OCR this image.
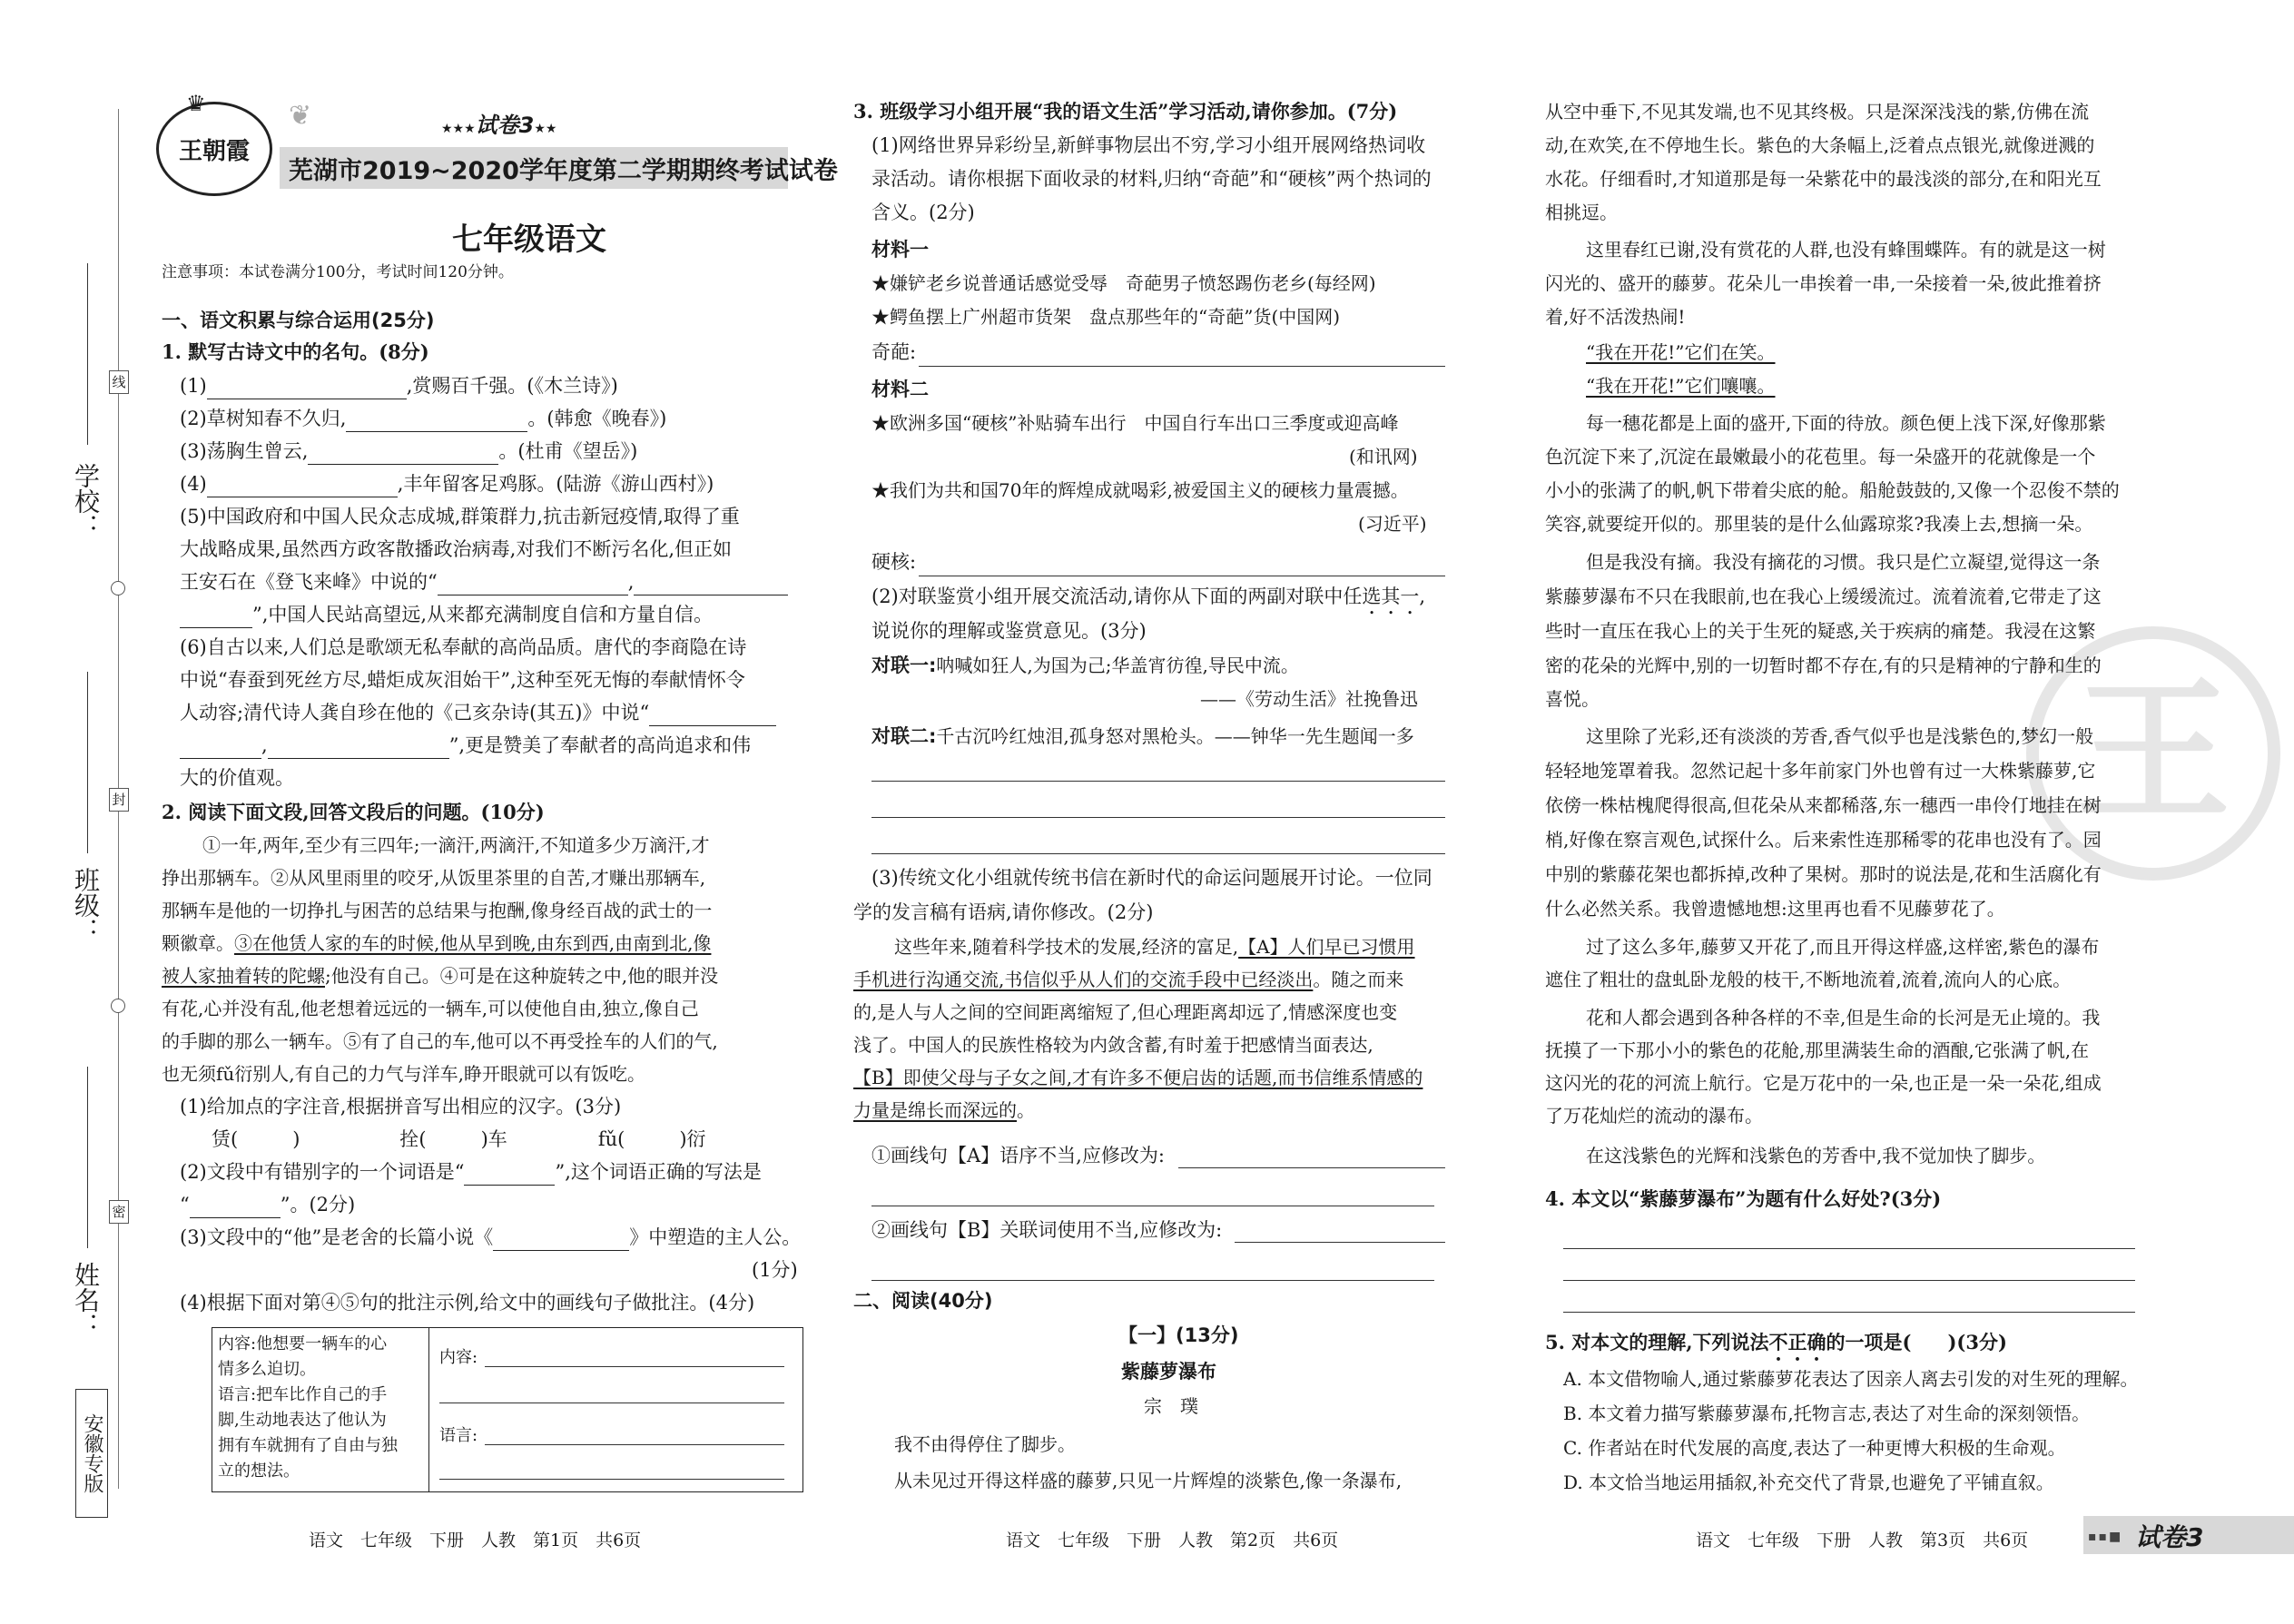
学校：
班级：
姓名：
线
封
密
安徽专版
王朝霞
♛	❦	★★★试卷3★★
芜湖市2019~2020学年度第二学期期终考试试卷
七年级语文
注意事项：本试卷满分100分，考试时间120分钟。
一、语文积累与综合运用(25分)
1. 默写古诗文中的名句。(8分)
(1)	,赏赐百千强。(《木兰诗》)
(2)草树知春不久归,	。(韩愈《晚春》)
(3)荡胸生曾云,	。(杜甫《望岳》)
(4)	,丰年留客足鸡豚。(陆游《游山西村》)
(5)中国政府和中国人民众志成城,群策群力,抗击新冠疫情,取得了重
大战略成果,虽然西方政客散播政治病毒,对我们不断污名化,但正如
王安石在《登飞来峰》中说的“	,
”,中国人民站高望远,从来都充满制度自信和方量自信。
(6)自古以来,人们总是歌颂无私奉献的高尚品质。唐代的李商隐在诗
中说“春蚕到死丝方尽,蜡炬成灰泪始干”,这种至死无悔的奉献情怀令
人动容;清代诗人龚自珍在他的《己亥杂诗(其五)》中说“
,	”,更是赞美了奉献者的高尚追求和伟
大的价值观。
2. 阅读下面文段,回答文段后的问题。(10分)
①一年,两年,至少有三四年;一滴汗,两滴汗,不知道多少万滴汗,才
挣出那辆车。②从风里雨里的咬牙,从饭里茶里的自苦,才赚出那辆车,
那辆车是他的一切挣扎与困苦的总结果与抱酬,像身经百战的武士的一
颗徽章。③在他赁人家的车的时候,他从早到晚,由东到西,由南到北,像
被人家抽着转的陀螺;他没有自己。④可是在这种旋转之中,他的眼并没
有花,心并没有乱,他老想着远远的一辆车,可以使他自由,独立,像自己
的手脚的那么一辆车。⑤有了自己的车,他可以不再受拴车的人们的气,
也无须fǔ衍别人,有自己的力气与洋车,睁开眼就可以有饭吃。
(1)给加点的字注音,根据拼音写出相应的汉字。(3分)
赁(	)	拴(	)车	fǔ(	)衍
(2)文段中有错别字的一个词语是“	”,这个词语正确的写法是
“	”。(2分)
(3)文段中的“他”是老舍的长篇小说《	》中塑造的主人公。
(1分)
(4)根据下面对第④⑤句的批注示例,给文中的画线句子做批注。(4分)
内容:他想要一辆车的心
情多么迫切。
语言:把车比作自己的手
脚,生动地表达了他认为
拥有车就拥有了自由与独
立的想法。
内容:
语言:
3. 班级学习小组开展“我的语文生活”学习活动,请你参加。(7分)
(1)网络世界异彩纷呈,新鲜事物层出不穷,学习小组开展网络热词收
录活动。请你根据下面收录的材料,归纳“奇葩”和“硬核”两个热词的
含义。(2分)
材料一
★嫌铲老乡说普通话感觉受辱　奇葩男子愤怒踢伤老乡(每经网)
★鳄鱼摆上广州超市货架　盘点那些年的“奇葩”货(中国网)
奇葩:
材料二
★欧洲多国“硬核”补贴骑车出行　中国自行车出口三季度或迎高峰
(和讯网)
★我们为共和国70年的辉煌成就喝彩,被爱国主义的硬核力量震撼。
(习近平)
硬核:
(2)对联鉴赏小组开展交流活动,请你从下面的两副对联中任选其一,
说说你的理解或鉴赏意见。(3分)
对联一:呐喊如狂人,为国为己;华盖宵彷徨,导民中流。
——《劳动生活》社挽鲁迅
对联二:千古沉吟红烛泪,孤身怒对黑枪头。——钟华一先生题闻一多
(3)传统文化小组就传统书信在新时代的命运问题展开讨论。一位同
学的发言稿有语病,请你修改。(2分)
这些年来,随着科学技术的发展,经济的富足,【A】人们早已习惯用
手机进行沟通交流,书信似乎从人们的交流手段中已经淡出。随之而来
的,是人与人之间的空间距离缩短了,但心理距离却远了,情感深度也变
浅了。中国人的民族性格较为内敛含蓄,有时羞于把感情当面表达,
【B】即使父母与子女之间,才有许多不便启齿的话题,而书信维系情感的
力量是绵长而深远的。
①画线句【A】语序不当,应修改为:
②画线句【B】关联词使用不当,应修改为:
二、阅读(40分)
【一】(13分)
紫藤萝瀑布
宗　璞
我不由得停住了脚步。
从未见过开得这样盛的藤萝,只见一片辉煌的淡紫色,像一条瀑布,
王
从空中垂下,不见其发端,也不见其终极。只是深深浅浅的紫,仿佛在流
动,在欢笑,在不停地生长。紫色的大条幅上,泛着点点银光,就像迸溅的
水花。仔细看时,才知道那是每一朵紫花中的最浅淡的部分,在和阳光互
相挑逗。
这里春红已谢,没有赏花的人群,也没有蜂围蝶阵。有的就是这一树
闪光的、盛开的藤萝。花朵儿一串挨着一串,一朵接着一朵,彼此推着挤
着,好不活泼热闹!
“我在开花!”它们在笑。
“我在开花!”它们嚷嚷。
每一穗花都是上面的盛开,下面的待放。颜色便上浅下深,好像那紫
色沉淀下来了,沉淀在最嫩最小的花苞里。每一朵盛开的花就像是一个
小小的张满了的帆,帆下带着尖底的舱。船舱鼓鼓的,又像一个忍俊不禁的
笑容,就要绽开似的。那里装的是什么仙露琼浆?我凑上去,想摘一朵。
但是我没有摘。我没有摘花的习惯。我只是伫立凝望,觉得这一条
紫藤萝瀑布不只在我眼前,也在我心上缓缓流过。流着流着,它带走了这
些时一直压在我心上的关于生死的疑惑,关于疾病的痛楚。我浸在这繁
密的花朵的光辉中,别的一切暂时都不存在,有的只是精神的宁静和生的
喜悦。
这里除了光彩,还有淡淡的芳香,香气似乎也是浅紫色的,梦幻一般
轻轻地笼罩着我。忽然记起十多年前家门外也曾有过一大株紫藤萝,它
依傍一株枯槐爬得很高,但花朵从来都稀落,东一穗西一串伶仃地挂在树
梢,好像在察言观色,试探什么。后来索性连那稀零的花串也没有了。园
中别的紫藤花架也都拆掉,改种了果树。那时的说法是,花和生活腐化有
什么必然关系。我曾遗憾地想:这里再也看不见藤萝花了。
过了这么多年,藤萝又开花了,而且开得这样盛,这样密,紫色的瀑布
遮住了粗壮的盘虬卧龙般的枝干,不断地流着,流着,流向人的心底。
花和人都会遇到各种各样的不幸,但是生命的长河是无止境的。我
抚摸了一下那小小的紫色的花舱,那里满装生命的酒酿,它张满了帆,在
这闪光的花的河流上航行。它是万花中的一朵,也正是一朵一朵花,组成
了万花灿烂的流动的瀑布。
在这浅紫色的光辉和浅紫色的芳香中,我不觉加快了脚步。
4. 本文以“紫藤萝瀑布”为题有什么好处?(3分)
5. 对本文的理解,下列说法不正确的一项是( )(3分)
A. 本文借物喻人,通过紫藤萝花表达了因亲人离去引发的对生死的理解。
B. 本文着力描写紫藤萝瀑布,托物言志,表达了对生命的深刻领悟。
C. 作者站在时代发展的高度,表达了一种更博大积极的生命观。
D. 本文恰当地运用插叙,补充交代了背景,也避免了平铺直叙。
语文　七年级　下册　人教　第1页　共6页	语文　七年级　下册　人教　第2页　共6页	语文　七年级　下册　人教　第3页　共6页	▪▪■ 试卷3
